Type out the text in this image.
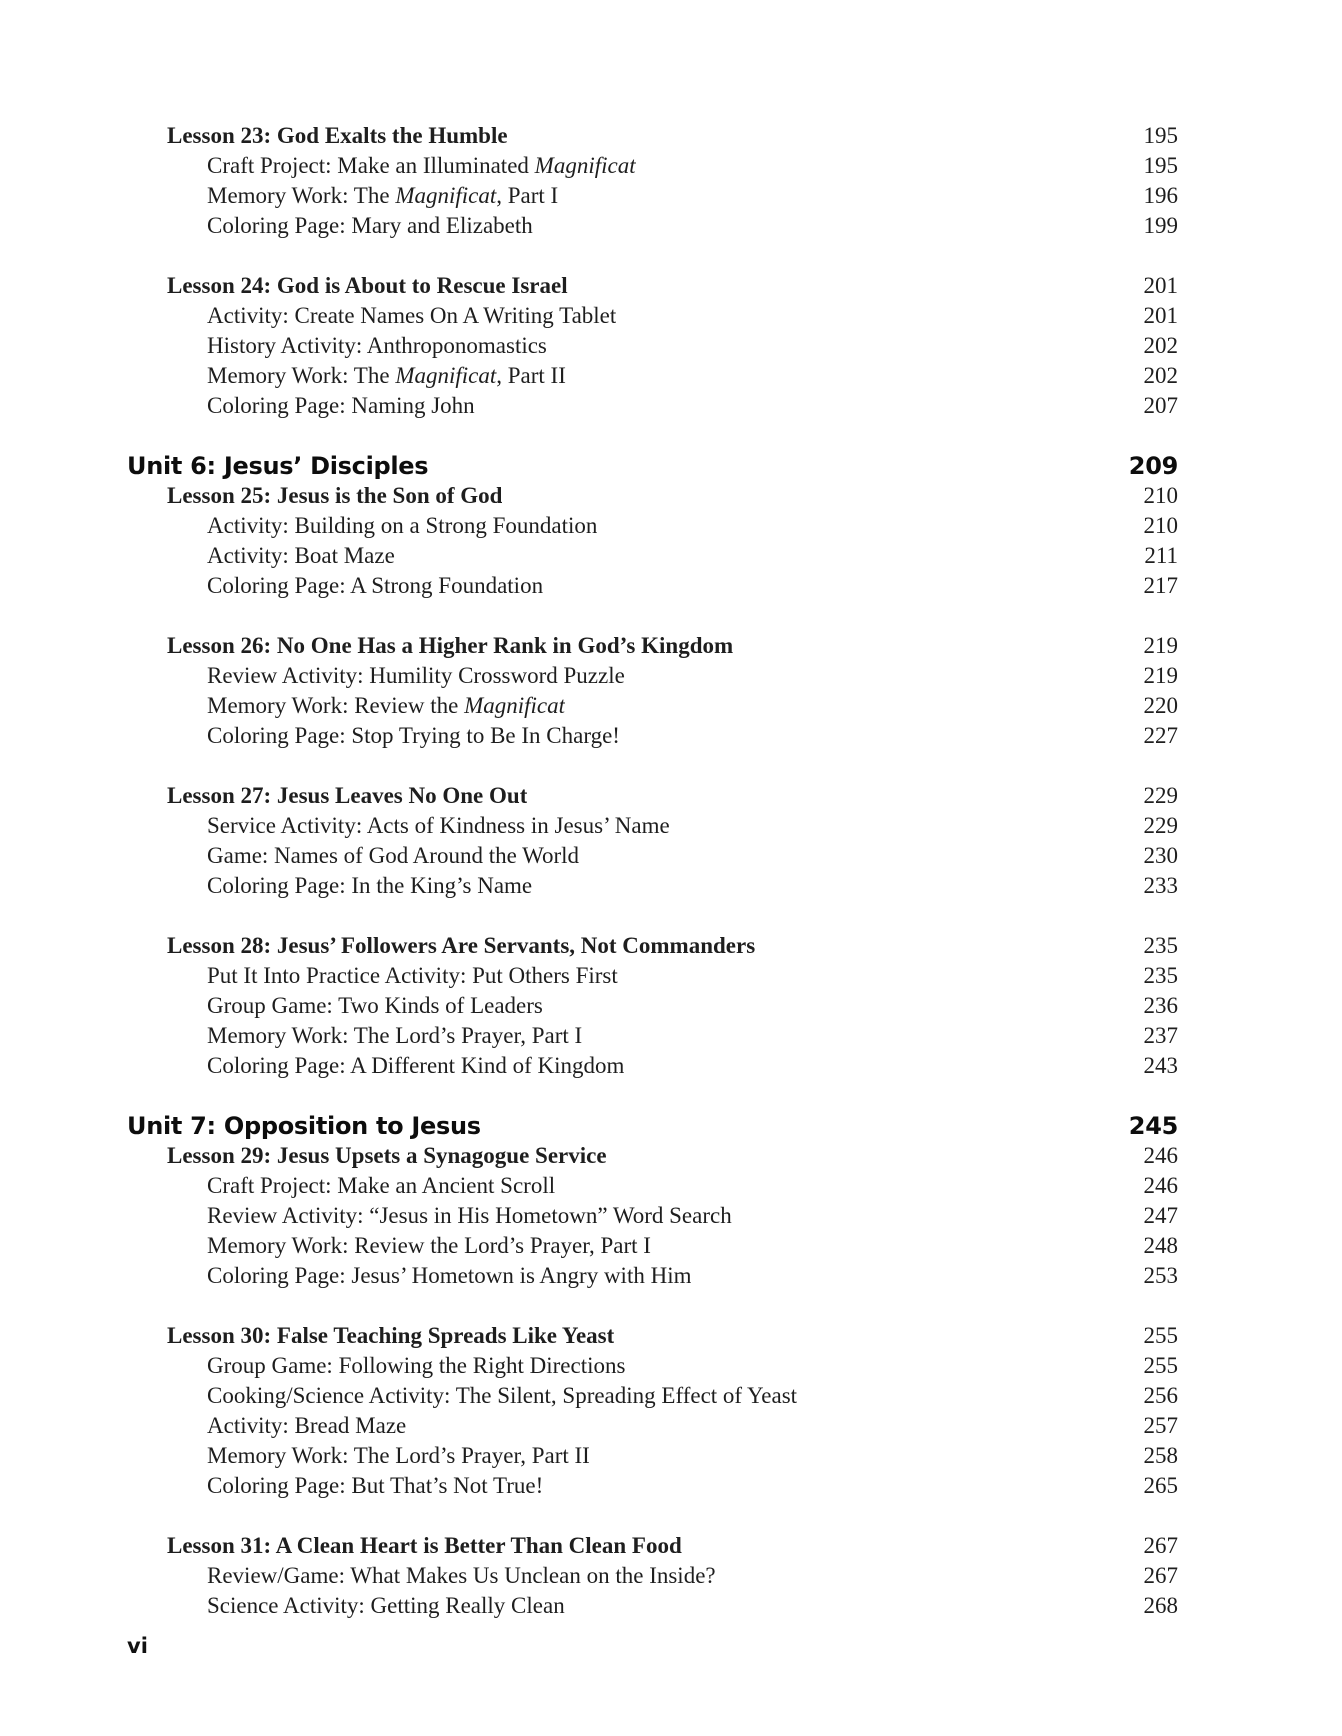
Lesson 23: God Exalts the Humble	195
Craft Project: Make an Illuminated Magnificat	195
Memory Work: The Magnificat, Part I	196
Coloring Page: Mary and Elizabeth	199
Lesson 24: God is About to Rescue Israel	201
Activity: Create Names On A Writing Tablet	201
History Activity: Anthroponomastics	202
Memory Work: The Magnificat, Part II	202
Coloring Page: Naming John	207
Unit 6: Jesus’ Disciples	209
Lesson 25: Jesus is the Son of God	210
Activity: Building on a Strong Foundation	210
Activity: Boat Maze	211
Coloring Page: A Strong Foundation	217
Lesson 26: No One Has a Higher Rank in God’s Kingdom	219
Review Activity: Humility Crossword Puzzle	219
Memory Work: Review the Magnificat	220
Coloring Page: Stop Trying to Be In Charge!	227
Lesson 27: Jesus Leaves No One Out	229
Service Activity: Acts of Kindness in Jesus’ Name	229
Game: Names of God Around the World	230
Coloring Page: In the King’s Name	233
Lesson 28: Jesus’ Followers Are Servants, Not Commanders	235
Put It Into Practice Activity: Put Others First	235
Group Game: Two Kinds of Leaders	236
Memory Work: The Lord’s Prayer, Part I	237
Coloring Page: A Different Kind of Kingdom	243
Unit 7: Opposition to Jesus	245
Lesson 29: Jesus Upsets a Synagogue Service	246
Craft Project: Make an Ancient Scroll	246
Review Activity: “Jesus in His Hometown” Word Search	247
Memory Work: Review the Lord’s Prayer, Part I	248
Coloring Page: Jesus’ Hometown is Angry with Him	253
Lesson 30: False Teaching Spreads Like Yeast	255
Group Game: Following the Right Directions	255
Cooking/Science Activity: The Silent, Spreading Effect of Yeast	256
Activity: Bread Maze	257
Memory Work: The Lord’s Prayer, Part II	258
Coloring Page: But That’s Not True!	265
Lesson 31: A Clean Heart is Better Than Clean Food	267
Review/Game: What Makes Us Unclean on the Inside?	267
Science Activity: Getting Really Clean	268
vi
